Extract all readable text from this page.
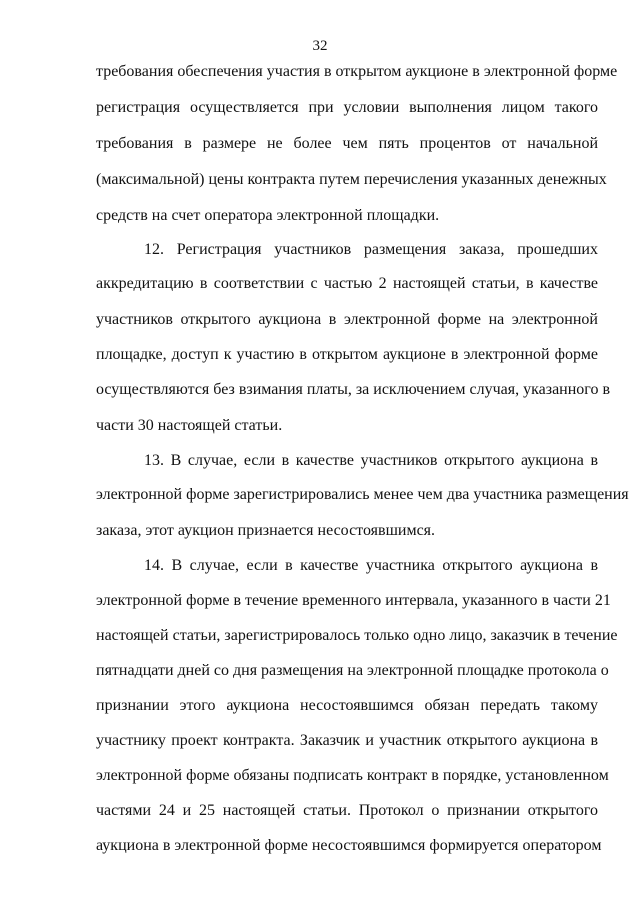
32
требования обеспечения участия в открытом аукционе в электронной форме
регистрация осуществляется при условии выполнения лицом такого
требования в размере не более чем пять процентов от начальной
(максимальной) цены контракта путем перечисления указанных денежных
средств на счет оператора электронной площадки.
12. Регистрация участников размещения заказа, прошедших
аккредитацию в соответствии с частью 2 настоящей статьи, в качестве
участников открытого аукциона в электронной форме на электронной
площадке, доступ к участию в открытом аукционе в электронной форме
осуществляются без взимания платы, за исключением случая, указанного в
части 30 настоящей статьи.
13. В случае, если в качестве участников открытого аукциона в
электронной форме зарегистрировались менее чем два участника размещения
заказа, этот аукцион признается несостоявшимся.
14. В случае, если в качестве участника открытого аукциона в
электронной форме в течение временного интервала, указанного в части 21
настоящей статьи, зарегистрировалось только одно лицо, заказчик в течение
пятнадцати дней со дня размещения на электронной площадке протокола о
признании этого аукциона несостоявшимся обязан передать такому
участнику проект контракта. Заказчик и участник открытого аукциона в
электронной форме обязаны подписать контракт в порядке, установленном
частями 24 и 25 настоящей статьи. Протокол о признании открытого
аукциона в электронной форме несостоявшимся формируется оператором
